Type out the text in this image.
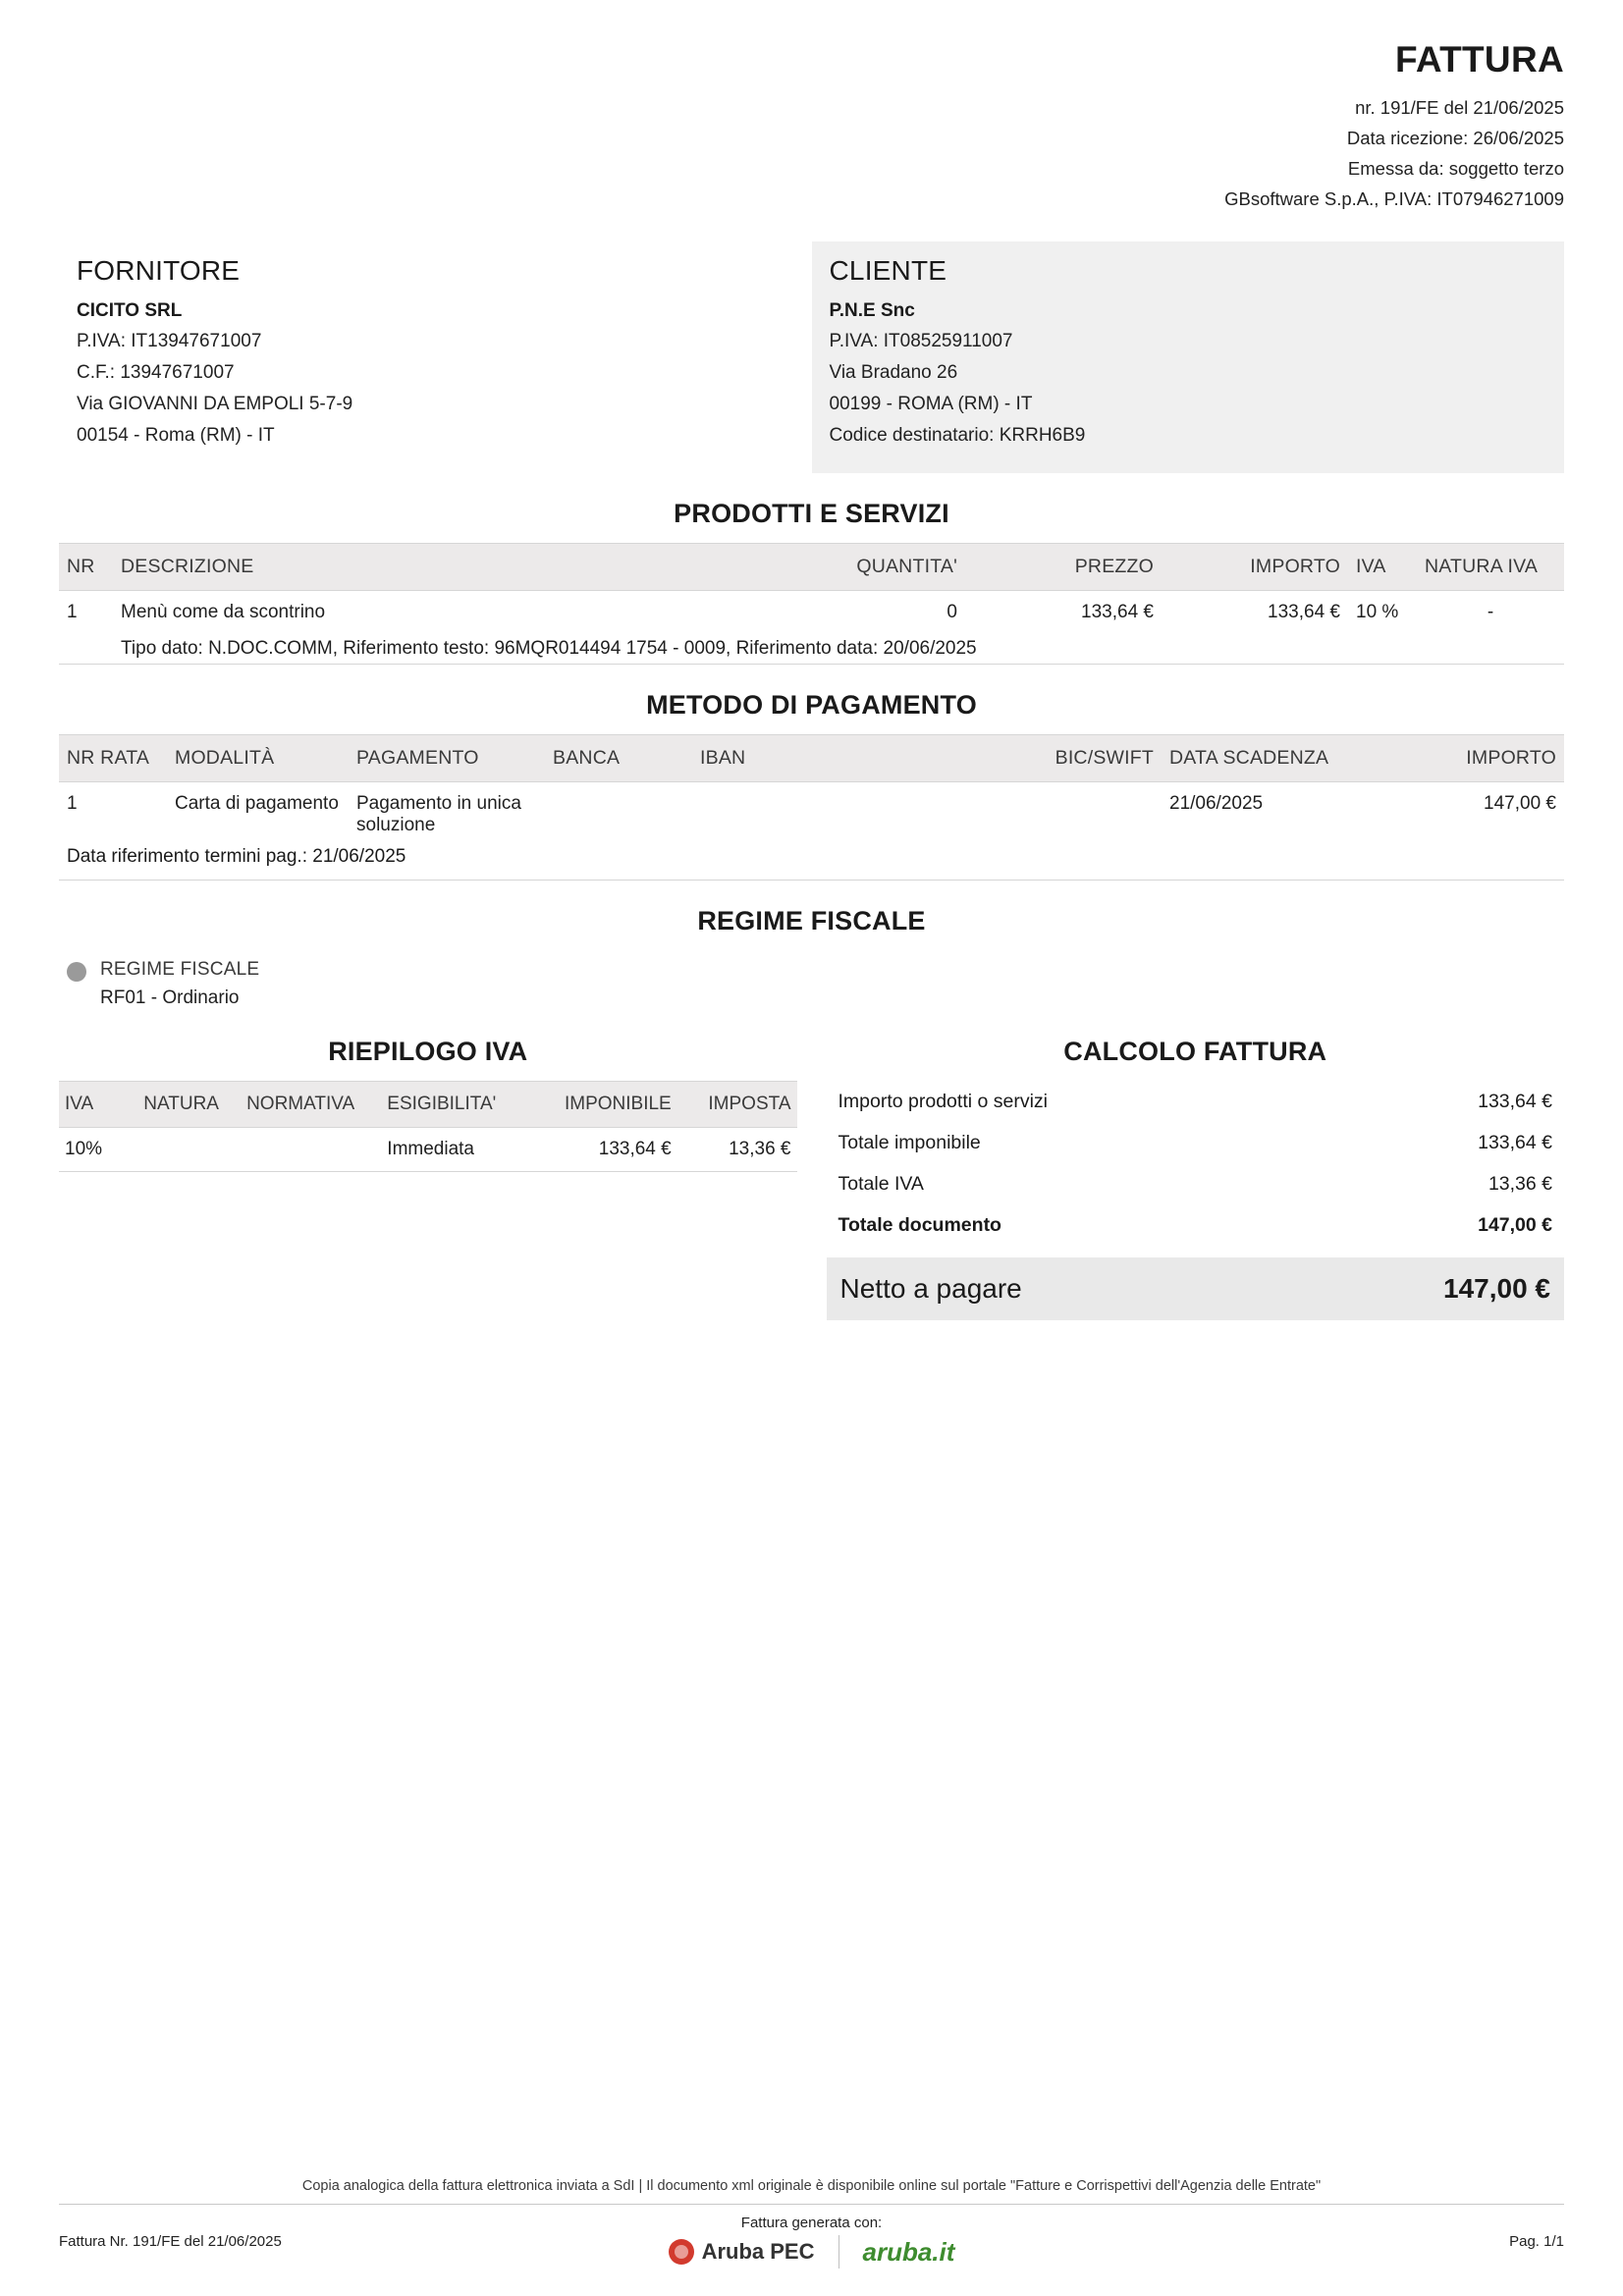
FATTURA
nr. 191/FE del 21/06/2025
Data ricezione: 26/06/2025
Emessa da: soggetto terzo
GBsoftware S.p.A., P.IVA: IT07946271009
FORNITORE
CICITO SRL
P.IVA: IT13947671007
C.F.: 13947671007
Via GIOVANNI DA EMPOLI 5-7-9
00154 - Roma (RM) - IT
CLIENTE
P.N.E Snc
P.IVA: IT08525911007
Via Bradano 26
00199 - ROMA (RM) - IT
Codice destinatario: KRRH6B9
PRODOTTI E SERVIZI
NR	DESCRIZIONE	QUANTITA'	PREZZO	IMPORTO	IVA	NATURA IVA
1	Menù come da scontrino	0	133,64 €	133,64 €	10 %	-
	Tipo dato: N.DOC.COMM, Riferimento testo: 96MQR014494 1754 - 0009, Riferimento data: 20/06/2025					
METODO DI PAGAMENTO
NR RATA	MODALITÀ	PAGAMENTO	BANCA	IBAN	BIC/SWIFT	DATA SCADENZA	IMPORTO
1	Carta di pagamento	Pagamento in unica soluzione				21/06/2025	147,00 €
Data riferimento termini pag.: 21/06/2025
REGIME FISCALE
REGIME FISCALE
RF01 - Ordinario
RIEPILOGO IVA
IVA	NATURA	NORMATIVA	ESIGIBILITA'	IMPONIBILE	IMPOSTA
10%			Immediata	133,64 €	13,36 €
CALCOLO FATTURA
Importo prodotti o servizi	133,64 €
Totale imponibile	133,64 €
Totale IVA	13,36 €
Totale documento	147,00 €
Netto a pagare	147,00 €
Copia analogica della fattura elettronica inviata a SdI | Il documento xml originale è disponibile online sul portale "Fatture e Corrispettivi dell'Agenzia delle Entrate"
Fattura Nr. 191/FE del 21/06/2025
Fattura generata con:
Aruba PEC aruba.it	Pag. 1/1
